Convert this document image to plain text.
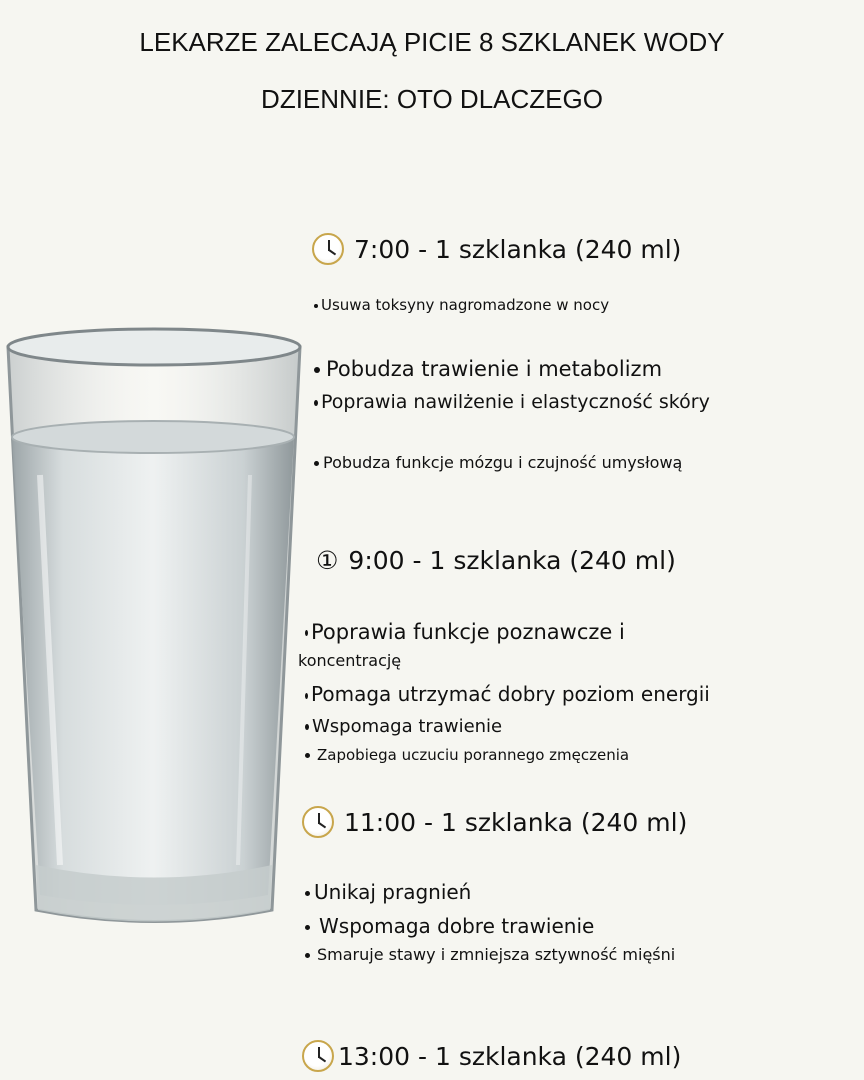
LEKARZE ZALECAJĄ PICIE 8 SZKLANEK WODY
DZIENNIE: OTO DLACZEGO
7:00 - 1 szklanka (240 ml)
Usuwa toksyny nagromadzone w nocy
Pobudza trawienie i metabolizm
Poprawia nawilżenie i elastyczność skóry
Pobudza funkcje mózgu i czujność umysłową
① 9:00 - 1 szklanka (240 ml)
Poprawia funkcje poznawcze i
koncentrację
Pomaga utrzymać dobry poziom energii
Wspomaga trawienie
Zapobiega uczuciu porannego zmęczenia
11:00 - 1 szklanka (240 ml)
Unikaj pragnień
Wspomaga dobre trawienie
Smaruje stawy i zmniejsza sztywność mięśni
13:00 - 1 szklanka (240 ml)
